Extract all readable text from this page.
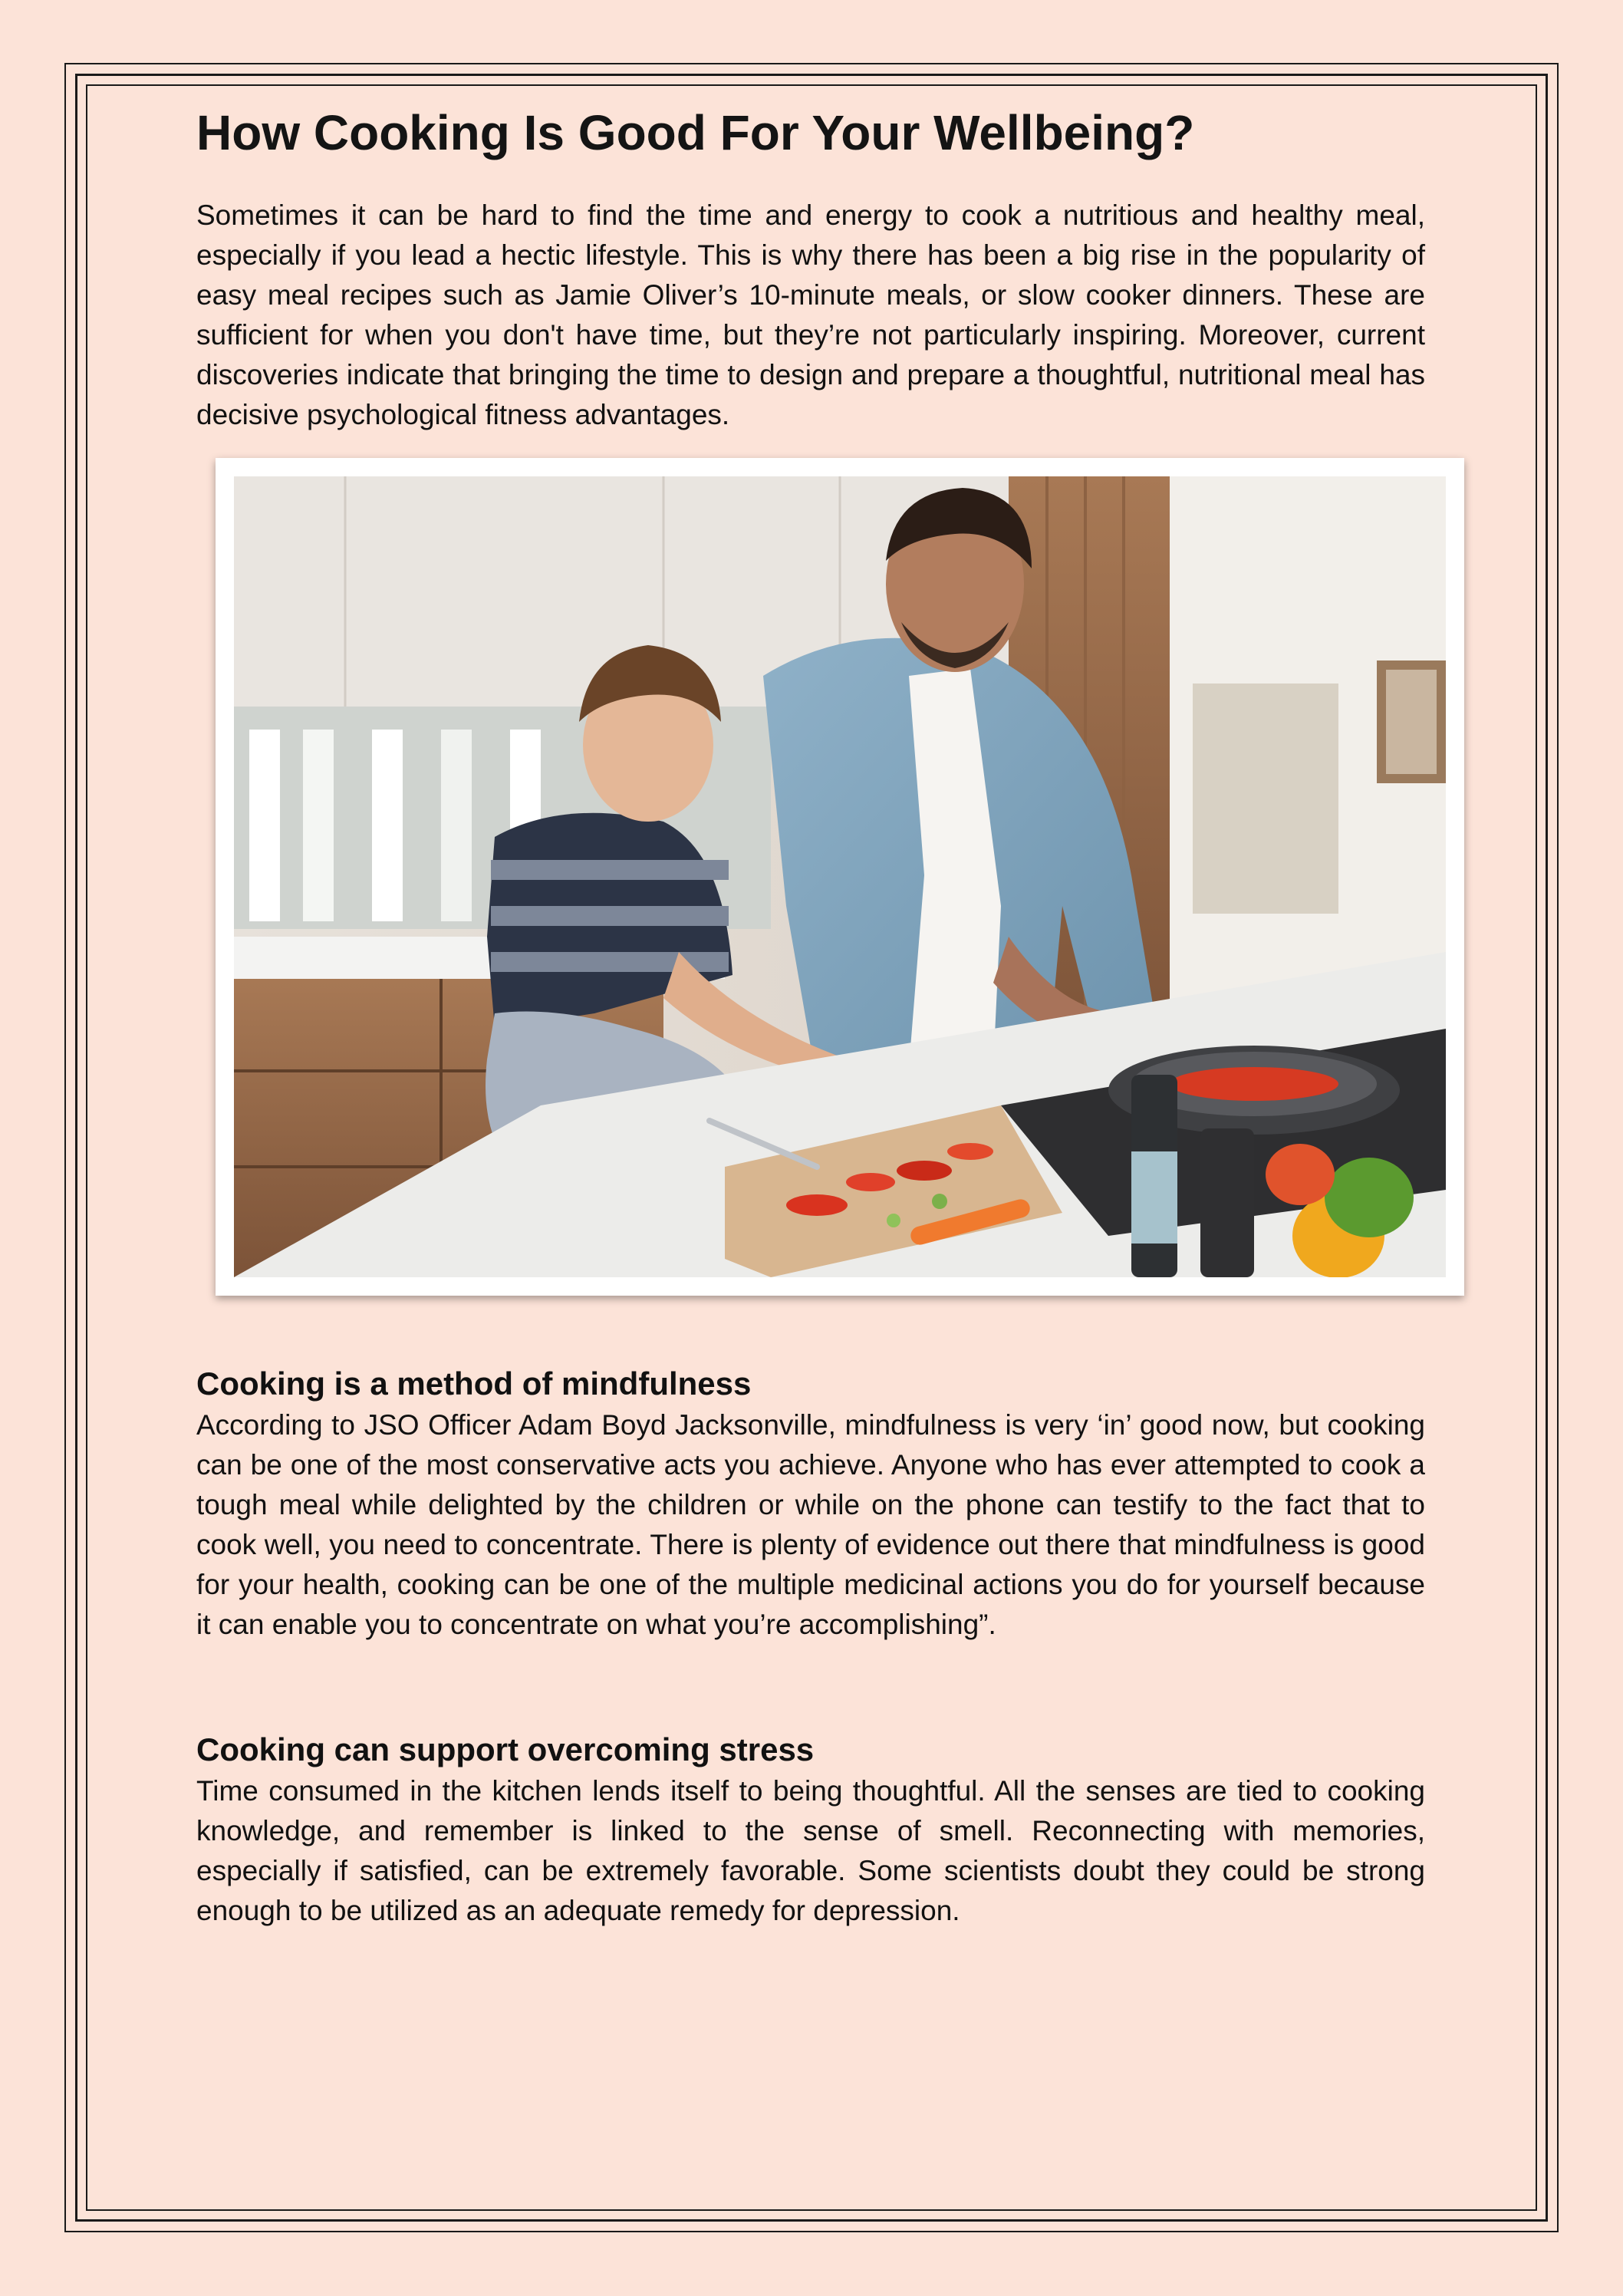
How Cooking Is Good For Your Wellbeing?

Sometimes it can be hard to find the time and energy to cook a nutritious and healthy meal, especially if you lead a hectic lifestyle. This is why there has been a big rise in the popularity of easy meal recipes such as Jamie Oliver’s 10-minute meals, or slow cooker dinners. These are sufficient for when you don't have time, but they’re not particularly inspiring. Moreover, current discoveries indicate that bringing the time to design and prepare a thoughtful, nutritional meal has decisive psychological fitness advantages.

Cooking is a method of mindfulness

According to JSO Officer Adam Boyd Jacksonville, mindfulness is very ‘in’ good now, but cooking can be one of the most conservative acts you achieve. Anyone who has ever attempted to cook a tough meal while delighted by the children or while on the phone can testify to the fact that to cook well, you need to concentrate. There is plenty of evidence out there that mindfulness is good for your health, cooking can be one of the multiple medicinal actions you do for yourself because it can enable you to concentrate on what you’re accomplishing”.

Cooking can support overcoming stress

Time consumed in the kitchen lends itself to being thoughtful. All the senses are tied to cooking knowledge, and remember is linked to the sense of smell. Reconnecting with memories, especially if satisfied, can be extremely favorable. Some scientists doubt they could be strong enough to be utilized as an adequate remedy for depression.
